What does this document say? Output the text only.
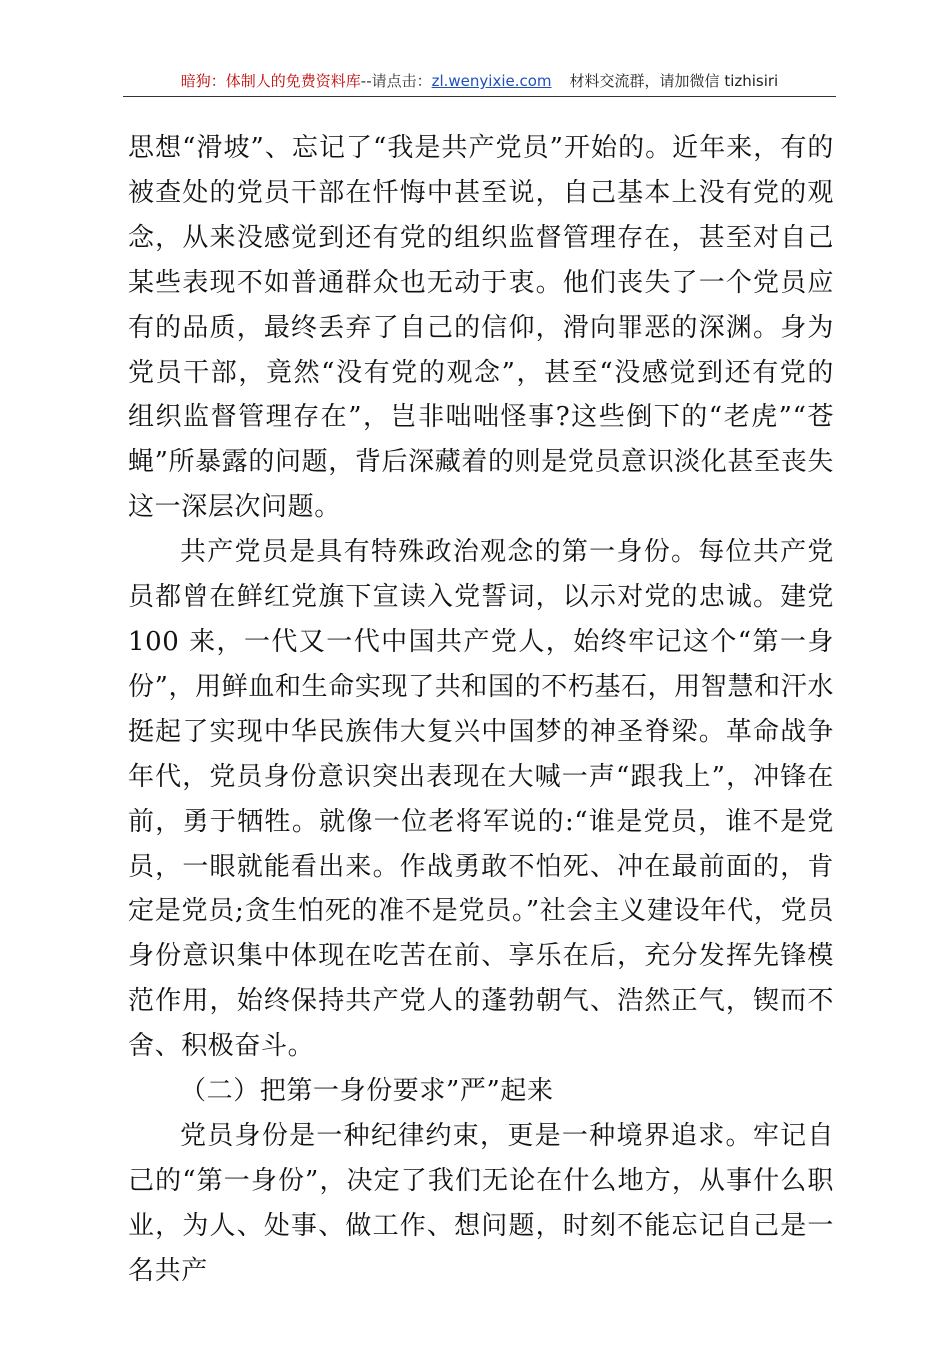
暗狗：体制人的免费资料库--请点击：zl.wenyixie.com 材料交流群，请加微信 tizhisiri

思想“滑坡”、忘记了“我是共产党员”开始的。近年来，有的被查处的党员干部在忏悔中甚至说，自己基本上没有党的观念，从来没感觉到还有党的组织监督管理存在，甚至对自己某些表现不如普通群众也无动于衷。他们丧失了一个党员应有的品质，最终丢弃了自己的信仰，滑向罪恶的深渊。身为党员干部，竟然“没有党的观念”，甚至“没感觉到还有党的组织监督管理存在”，岂非咄咄怪事?这些倒下的“老虎”“苍蝇”所暴露的问题，背后深藏着的则是党员意识淡化甚至丧失这一深层次问题。

共产党员是具有特殊政治观念的第一身份。每位共产党员都曾在鲜红党旗下宣读入党誓词，以示对党的忠诚。建党 100 来，一代又一代中国共产党人，始终牢记这个“第一身份”，用鲜血和生命实现了共和国的不朽基石，用智慧和汗水挺起了实现中华民族伟大复兴中国梦的神圣脊梁。革命战争年代，党员身份意识突出表现在大喊一声“跟我上”，冲锋在前，勇于牺牲。就像一位老将军说的:“谁是党员，谁不是党员，一眼就能看出来。作战勇敢不怕死、冲在最前面的，肯定是党员;贪生怕死的准不是党员。”社会主义建设年代，党员身份意识集中体现在吃苦在前、享乐在后，充分发挥先锋模范作用，始终保持共产党人的蓬勃朝气、浩然正气，锲而不舍、积极奋斗。

（二）把第一身份要求”严”起来

党员身份是一种纪律约束，更是一种境界追求。牢记自己的“第一身份”，决定了我们无论在什么地方，从事什么职业，为人、处事、做工作、想问题，时刻不能忘记自己是一名共产
